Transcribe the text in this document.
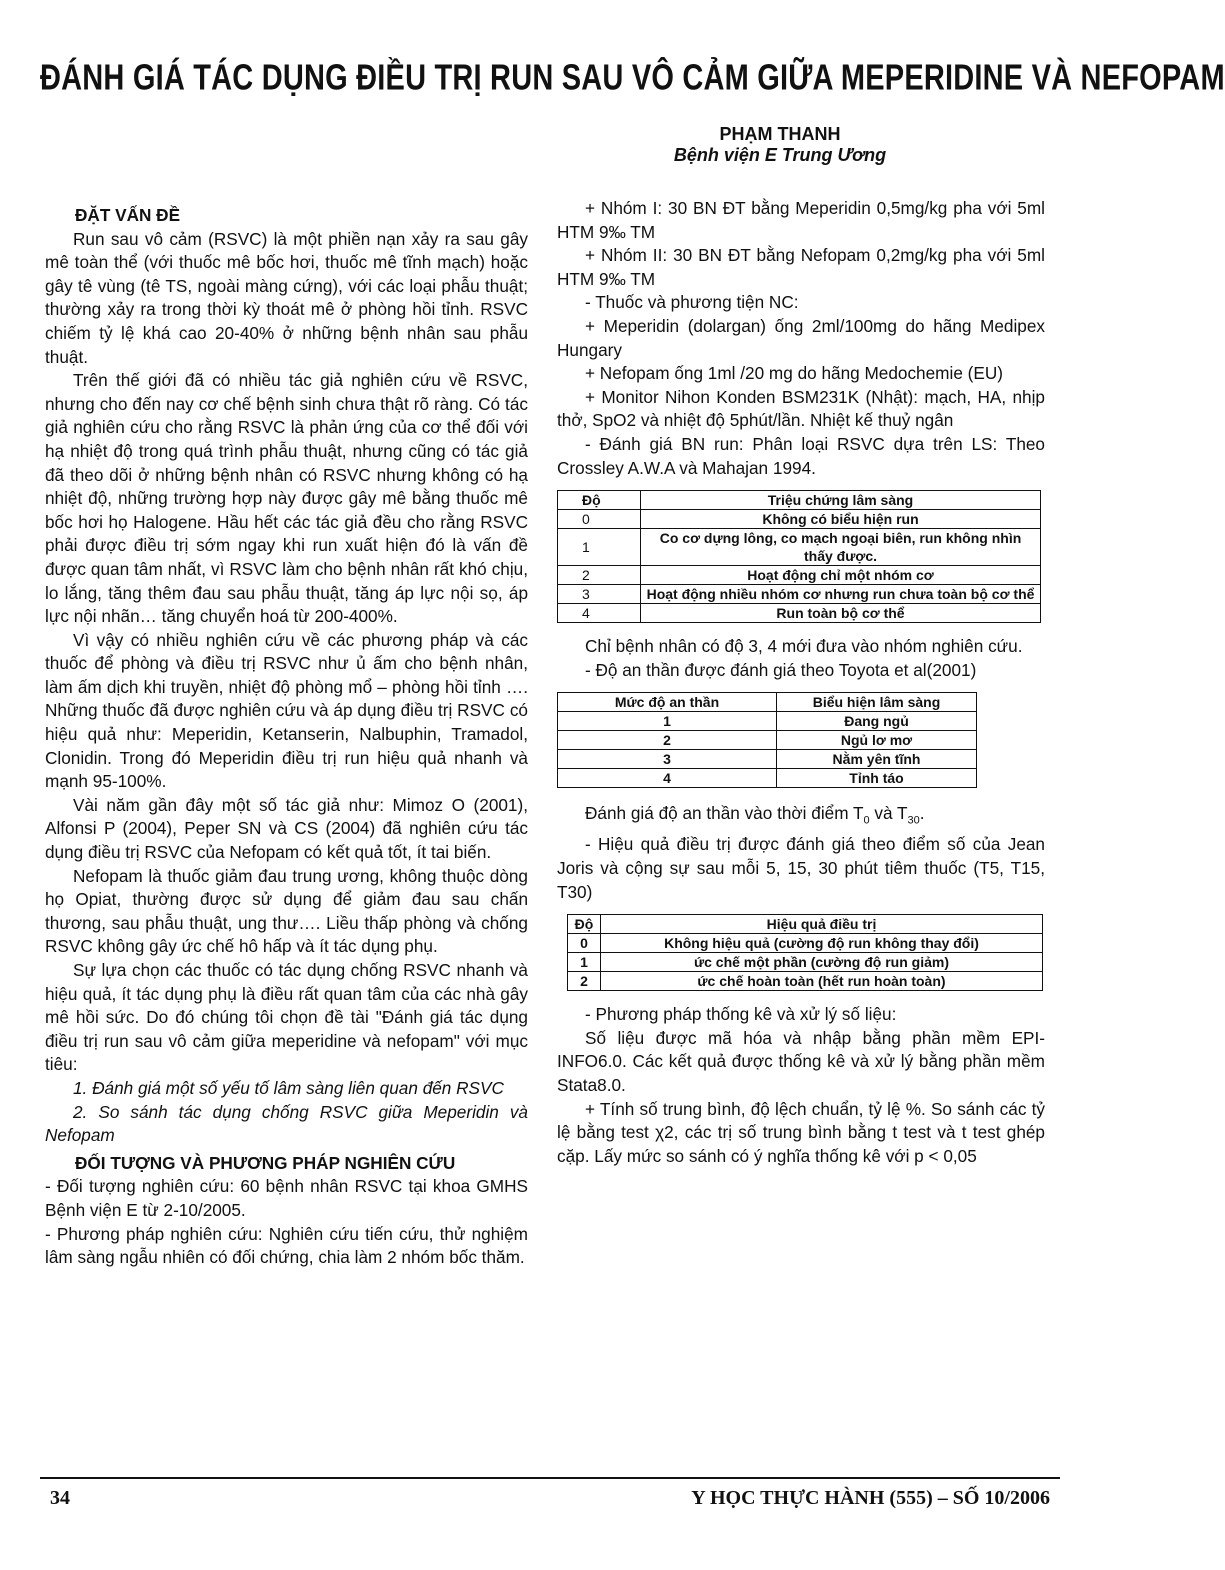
ĐÁNH GIÁ TÁC DỤNG ĐIỀU TRỊ RUN SAU VÔ CẢM GIỮA MEPERIDINE VÀ NEFOPAM
PHẠM THANH
Bệnh viện E Trung Ương

ĐẶT VẤN ĐỀ

Run sau vô cảm (RSVC) là một phiền nạn xảy ra sau gây mê toàn thể (với thuốc mê bốc hơi, thuốc mê tĩnh mạch) hoặc gây tê vùng (tê TS, ngoài màng cứng), với các loại phẫu thuật; thường xảy ra trong thời kỳ thoát mê ở phòng hồi tỉnh. RSVC chiếm tỷ lệ khá cao 20-40% ở những bệnh nhân sau phẫu thuật.

Trên thế giới đã có nhiều tác giả nghiên cứu về RSVC, nhưng cho đến nay cơ chế bệnh sinh chưa thật rõ ràng. Có tác giả nghiên cứu cho rằng RSVC là phản ứng của cơ thể đối với hạ nhiệt độ trong quá trình phẫu thuật, nhưng cũng có tác giả đã theo dõi ở những bệnh nhân có RSVC nhưng không có hạ nhiệt độ, những trường hợp này được gây mê bằng thuốc mê bốc hơi họ Halogene. Hầu hết các tác giả đều cho rằng RSVC phải được điều trị sớm ngay khi run xuất hiện đó là vấn đề được quan tâm nhất, vì RSVC làm cho bệnh nhân rất khó chịu, lo lắng, tăng thêm đau sau phẫu thuật, tăng áp lực nội sọ, áp lực nội nhãn… tăng chuyển hoá từ 200-400%.

Vì vậy có nhiều nghiên cứu về các phương pháp và các thuốc để phòng và điều trị RSVC như ủ ấm cho bệnh nhân, làm ấm dịch khi truyền, nhiệt độ phòng mổ – phòng hồi tỉnh …. Những thuốc đã được nghiên cứu và áp dụng điều trị RSVC có hiệu quả như: Meperidin, Ketanserin, Nalbuphin, Tramadol, Clonidin. Trong đó Meperidin điều trị run hiệu quả nhanh và mạnh 95-100%.

Vài năm gần đây một số tác giả như: Mimoz O (2001), Alfonsi P (2004), Peper SN và CS (2004) đã nghiên cứu tác dụng điều trị RSVC của Nefopam có kết quả tốt, ít tai biến.

Nefopam là thuốc giảm đau trung ương, không thuộc dòng họ Opiat, thường được sử dụng để giảm đau sau chấn thương, sau phẫu thuật, ung thư…. Liều thấp phòng và chống RSVC không gây ức chế hô hấp và ít tác dụng phụ.

Sự lựa chọn các thuốc có tác dụng chống RSVC nhanh và hiệu quả, ít tác dụng phụ là điều rất quan tâm của các nhà gây mê hồi sức. Do đó chúng tôi chọn đề tài "Đánh giá tác dụng điều trị run sau vô cảm giữa meperidine và nefopam" với mục tiêu:

1. Đánh giá một số yếu tố lâm sàng liên quan đến RSVC

2. So sánh tác dụng chống RSVC giữa Meperidin và Nefopam

ĐỐI TƯỢNG VÀ PHƯƠNG PHÁP NGHIÊN CỨU

- Đối tượng nghiên cứu: 60 bệnh nhân RSVC tại khoa GMHS Bệnh viện E từ 2-10/2005.

- Phương pháp nghiên cứu: Nghiên cứu tiến cứu, thử nghiệm lâm sàng ngẫu nhiên có đối chứng, chia làm 2 nhóm bốc thăm.

+ Nhóm I: 30 BN ĐT bằng Meperidin 0,5mg/kg pha với 5ml HTM 9‰ TM

+ Nhóm II: 30 BN ĐT bằng Nefopam 0,2mg/kg pha với 5ml HTM 9‰ TM

- Thuốc và phương tiện NC:

+ Meperidin (dolargan) ống 2ml/100mg do hãng Medipex Hungary

+ Nefopam ống 1ml /20 mg do hãng Medochemie (EU)

+ Monitor Nihon Konden BSM231K (Nhật): mạch, HA, nhịp thở, SpO2 và nhiệt độ 5phút/lần. Nhiệt kế thuỷ ngân

- Đánh giá BN run: Phân loại RSVC dựa trên LS: Theo Crossley A.W.A và Mahajan 1994.

Độ	Triệu chứng lâm sàng
0	Không có biểu hiện run
1	Co cơ dựng lông, co mạch ngoại biên, run không nhìn thấy được.
2	Hoạt động chỉ một nhóm cơ
3	Hoạt động nhiều nhóm cơ nhưng run chưa toàn bộ cơ thể
4	Run toàn bộ cơ thể

Chỉ bệnh nhân có độ 3, 4 mới đưa vào nhóm nghiên cứu.

- Độ an thần được đánh giá theo Toyota et al(2001)

Mức độ an thần	Biểu hiện lâm sàng
1	Đang ngủ
2	Ngủ lơ mơ
3	Nằm yên tĩnh
4	Tỉnh táo

Đánh giá độ an thần vào thời điểm $T_0$ và $T_{30}$.

- Hiệu quả điều trị được đánh giá theo điểm số của Jean Joris và cộng sự sau mỗi 5, 15, 30 phút tiêm thuốc (T5, T15, T30)

Độ	Hiệu quả điều trị
0	Không hiệu quả (cường độ run không thay đổi)
1	ức chế một phần (cường độ run giảm)
2	ức chế hoàn toàn (hết run hoàn toàn)

- Phương pháp thống kê và xử lý số liệu:

Số liệu được mã hóa và nhập bằng phần mềm EPI-INFO6.0. Các kết quả được thống kê và xử lý bằng phần mềm Stata8.0.

+ Tính số trung bình, độ lệch chuẩn, tỷ lệ %. So sánh các tỷ lệ bằng test χ2, các trị số trung bình bằng t test và t test ghép cặp. Lấy mức so sánh có ý nghĩa thống kê với p < 0,05

34	Y HỌC THỰC HÀNH (555) – SỐ 10/2006
